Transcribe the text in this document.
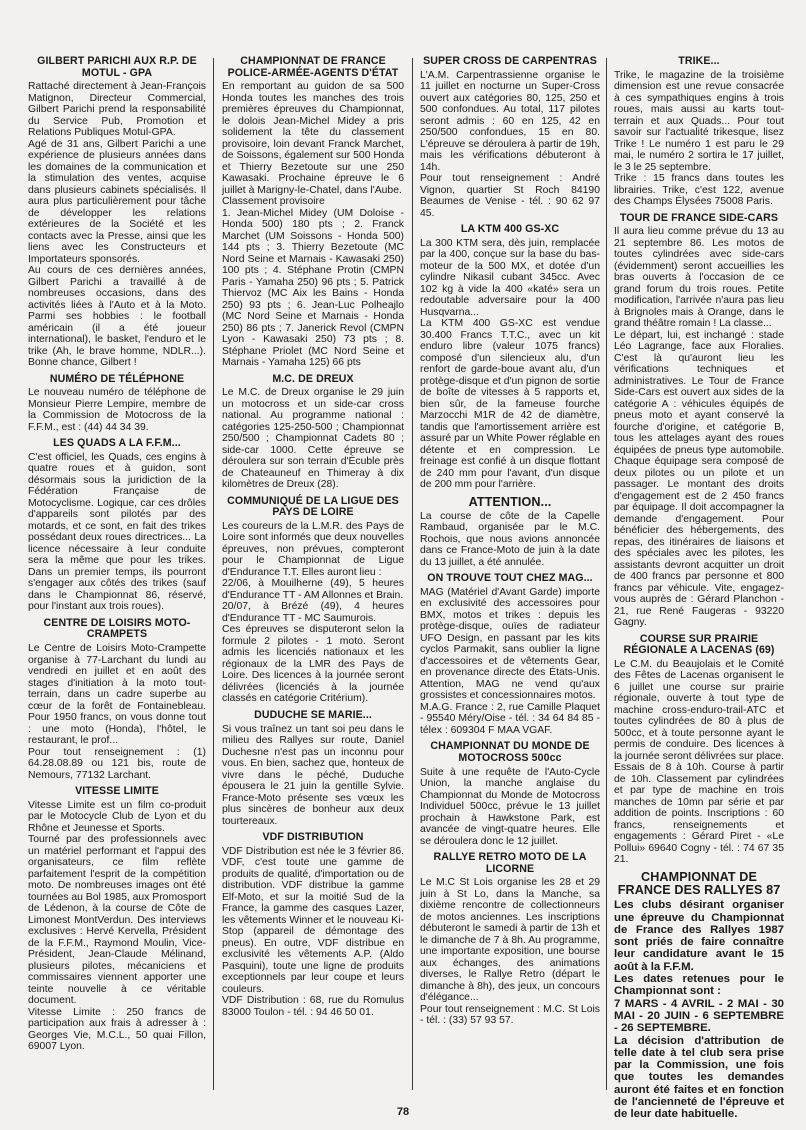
GILBERT PARICHI AUX R.P. DE MOTUL - GPA

Rattaché directement à Jean-François Matignon, Directeur Commercial, Gilbert Parichi prend la responsabilité du Service Pub, Promotion et Relations Publiques Motul-GPA.
Agé de 31 ans, Gilbert Parichi a une expérience de plusieurs années dans les domaines de la communication et la stimulation des ventes, acquise dans plusieurs cabinets spécialisés. Il aura plus particulièrement pour tâche de développer les relations extérieures de la Société et les contacts avec la Presse, ainsi que les liens avec les Constructeurs et Importateurs sponsorés.
Au cours de ces dernières années, Gilbert Parichi a travaillé à de nombreuses occasions, dans des activités liées à l'Auto et à la Moto. Parmi ses hobbies : le football américain (il a été joueur international), le basket, l'enduro et le trike (Ah, le brave homme, NDLR...). Bonne chance, Gilbert !

NUMÉRO DE TÉLÉPHONE

Le nouveau numéro de téléphone de Monsieur Pierre Lempire, membre de la Commission de Motocross de la F.F.M., est : (44) 44 34 39.

LES QUADS A LA F.F.M...

C'est officiel, les Quads, ces engins à quatre roues et à guidon, sont désormais sous la juridiction de la Fédération Française de Motocyclisme. Logique, car ces drôles d'appareils sont pilotés par des motards, et ce sont, en fait des trikes possédant deux roues directrices... La licence nécessaire à leur conduite sera la même que pour les trikes. Dans un premier temps, ils pourront s'engager aux côtés des trikes (sauf dans le Championnat 86, réservé, pour l'instant aux trois roues).

CENTRE DE LOISIRS MOTO-CRAMPETS

Le Centre de Loisirs Moto-Crampette organise à 77-Larchant du lundi au vendredi en juillet et en août des stages d'initiation à la moto tout-terrain, dans un cadre superbe au cœur de la forêt de Fontainebleau. Pour 1950 francs, on vous donne tout : une moto (Honda), l'hôtel, le restaurant, le prof...
Pour tout renseignement : (1) 64.28.08.89 ou 121 bis, route de Nemours, 77132 Larchant.

VITESSE LIMITE

Vitesse Limite est un film co-produit par le Motocycle Club de Lyon et du Rhône et Jeunesse et Sports.
Tourné par des professionnels avec un matériel performant et l'appui des organisateurs, ce film reflète parfaitement l'esprit de la compétition moto. De nombreuses images ont été tournées au Bol 1985, aux Promosport de Lédenon, à la course de Côte de Limonest MontVerdun. Des interviews exclusives : Hervé Kervella, Président de la F.F.M., Raymond Moulin, Vice-Président, Jean-Claude Mélinand, plusieurs pilotes, mécaniciens et commissaires viennent apporter une teinte nouvelle à ce véritable document.
Vitesse Limite : 250 francs de participation aux frais à adresser à : Georges Vie, M.C.L., 50 quai Fillon, 69007 Lyon.

CHAMPIONNAT DE FRANCE POLICE-ARMÉE-AGENTS D'ÉTAT

En remportant au guidon de sa 500 Honda toutes les manches des trois premières épreuves du Championnat, le dolois Jean-Michel Midey a pris solidement la tête du classement provisoire, loin devant Franck Marchet, de Soissons, également sur 500 Honda et Thierry Bezetoute sur une 250 Kawasaki. Prochaine épreuve le 6 juillet à Marigny-le-Chatel, dans l'Aube.
Classement provisoire
1. Jean-Michel Midey (UM Doloise - Honda 500) 180 pts ; 2. Franck Marchet (UM Soissons - Honda 500) 144 pts ; 3. Thierry Bezetoute (MC Nord Seine et Marnais - Kawasaki 250) 100 pts ; 4. Stéphane Protin (CMPN Paris - Yamaha 250) 96 pts ; 5. Patrick Thiervoz (MC Aix les Bains - Honda 250) 93 pts ; 6. Jean-Luc Polheajlo (MC Nord Seine et Marnais - Honda 250) 86 pts ; 7. Janerick Revol (CMPN Lyon - Kawasaki 250) 73 pts ; 8. Stéphane Priolet (MC Nord Seine et Marnais - Yamaha 125) 66 pts

M.C. DE DREUX

Le M.C. de Dreux organise le 29 juin un motocross et un side-car cross national. Au programme national : catégories 125-250-500 ; Championnat 250/500 ; Championnat Cadets 80 ; side-car 1000. Cette épreuve se déroulera sur son terrain d'Écuble près de Chateauneuf en Thimeray à dix kilomètres de Dreux (28).

COMMUNIQUÉ DE LA LIGUE DES PAYS DE LOIRE

Les coureurs de la L.M.R. des Pays de Loire sont informés que deux nouvelles épreuves, non prévues, compteront pour le Championnat de Ligue d'Endurance T.T. Elles auront lieu :
22/06, à Mouilherne (49), 5 heures d'Endurance TT - AM Allonnes et Brain.
20/07, à Brézé (49), 4 heures d'Endurance TT - MC Saumurois.
Ces épreuves se disputeront selon la formule 2 pilotes - 1 moto. Seront admis les licenciés nationaux et les régionaux de la LMR des Pays de Loire. Des licences à la journée seront délivrées (licenciés à la journée classés en catégorie Critérium).

DUDUCHE SE MARIE...

Si vous traînez un tant soi peu dans le milieu des Rallyes sur route, Daniel Duchesne n'est pas un inconnu pour vous. En bien, sachez que, honteux de vivre dans le péché, Duduche épousera le 21 juin la gentille Sylvie. France-Moto présente ses vœux les plus sincères de bonheur aux deux tourtereaux.

VDF DISTRIBUTION

VDF Distribution est née le 3 février 86. VDF, c'est toute une gamme de produits de qualité, d'importation ou de distribution. VDF distribue la gamme Elf-Moto, et sur la moitié Sud de la France, la gamme des casques Lazer, les vêtements Winner et le nouveau Ki-Stop (appareil de démontage des pneus). En outre, VDF distribue en exclusivité les vêtements A.P. (Aldo Pasquini), toute une ligne de produits exceptionnels par leur coupe et leurs couleurs.
VDF Distribution : 68, rue du Romulus 83000 Toulon - tél. : 94 46 50 01.

SUPER CROSS DE CARPENTRAS

L'A.M. Carpentrassienne organise le 11 juillet en nocturne un Super-Cross ouvert aux catégories 80, 125, 250 et 500 confondues. Au total, 117 pilotes seront admis : 60 en 125, 42 en 250/500 confondues, 15 en 80. L'épreuve se déroulera à partir de 19h, mais les vérifications débuteront à 14h.
Pour tout renseignement : André Vignon, quartier St Roch 84190 Beaumes de Venise - tél. : 90 62 97 45.

LA KTM 400 GS-XC

La 300 KTM sera, dès juin, remplacée par la 400, conçue sur la base du bas-moteur de la 500 MX, et dotée d'un cylindre Nikasil cubant 345cc. Avec 102 kg à vide la 400 «katé» sera un redoutable adversaire pour la 400 Husqvarna...
La KTM 400 GS-XC est vendue 30.400 Francs T.T.C., avec un kit enduro libre (valeur 1075 francs) composé d'un silencieux alu, d'un renfort de garde-boue avant alu, d'un protège-disque et d'un pignon de sortie de boîte de vitesses à 5 rapports et, bien sûr, de la fameuse fourche Marzocchi M1R de 42 de diamètre, tandis que l'amortissement arrière est assuré par un White Power réglable en détente et en compression. Le freinage est confié à un disque flottant de 240 mm pour l'avant, d'un disque de 200 mm pour l'arrière.

ATTENTION...

La course de côte de la Capelle Rambaud, organisée par le M.C. Rochois, que nous avions annoncée dans ce France-Moto de juin à la date du 13 juillet, a été annulée.

ON TROUVE TOUT CHEZ MAG...

MAG (Matériel d'Avant Garde) importe en exclusivité des accessoires pour BMX, motos et trikes : depuis les protège-disque, ouïes de radiateur UFO Design, en passant par les kits cyclos Parmakit, sans oublier la ligne d'accessoires et de vêtements Gear, en provenance directe des États-Unis. Attention, MAG ne vend qu'aux grossistes et concessionnaires motos.
M.A.G. France : 2, rue Camille Plaquet - 95540 Méry/Oise - tél. : 34 64 84 85 - télex : 609304 F MAA VGAF.

CHAMPIONNAT DU MONDE DE MOTOCROSS 500cc

Suite à une requête de l'Auto-Cycle Union, la manche anglaise du Championnat du Monde de Motocross Individuel 500cc, prévue le 13 juillet prochain à Hawkstone Park, est avancée de vingt-quatre heures. Elle se déroulera donc le 12 juillet.

RALLYE RETRO MOTO DE LA LICORNE

Le M.C St Lois organise les 28 et 29 juin à St Lo, dans la Manche, sa dixième rencontre de collectionneurs de motos anciennes. Les inscriptions débuteront le samedi à partir de 13h et le dimanche de 7 à 8h. Au programme, une importante exposition, une bourse aux échanges, des animations diverses, le Rallye Retro (départ le dimanche à 8h), des jeux, un concours d'élégance...
Pour tout renseignement : M.C. St Lois - tél. : (33) 57 93 57.

TRIKE...

Trike, le magazine de la troisième dimension est une revue consacrée à ces sympathiques engins à trois roues, mais aussi au karts tout-terrain et aux Quads... Pour tout savoir sur l'actualité trikesque, lisez Trike ! Le numéro 1 est paru le 29 mai, le numéro 2 sortira le 17 juillet, le 3 le 25 septembre.
Trike : 15 francs dans toutes les librairies. Trike, c'est 122, avenue des Champs Élysées 75008 Paris.

TOUR DE FRANCE SIDE-CARS

Il aura lieu comme prévue du 13 au 21 septembre 86. Les motos de toutes cylindrées avec side-cars (évidemment) seront accueillies les bras ouverts à l'occasion de ce grand forum du trois roues. Petite modification, l'arrivée n'aura pas lieu à Brignoles mais à Orange, dans le grand théâtre romain ! La classe...
Le départ, lui, est inchangé : stade Léo Lagrange, face aux Floralies. C'est là qu'auront lieu les vérifications techniques et administratives. Le Tour de France Side-Cars est ouvert aux sides de la catégorie A : véhicules équipés de pneus moto et ayant conservé la fourche d'origine, et catégorie B, tous les attelages ayant des roues équipées de pneus type automobile. Chaque équipage sera composé de deux pilotes ou un pilote et un passager. Le montant des droits d'engagement est de 2 450 francs par équipage. Il doit accompagner la demande d'engagement. Pour bénéficier des hébergements, des repas, des itinéraires de liaisons et des spéciales avec les pilotes, les assistants devront acquitter un droit de 400 francs par personne et 800 francs par véhicule. Vite, engagez-vous auprès de : Gérard Planchon - 21, rue René Faugeras - 93220 Gagny.

COURSE SUR PRAIRIE RÉGIONALE A LACENAS (69)

Le C.M. du Beaujolais et le Comité des Fêtes de Lacenas organisent le 6 juillet une course sur prairie régionale, ouverte à tout type de machine cross-enduro-trail-ATC et toutes cylindrées de 80 à plus de 500cc, et à toute personne ayant le permis de conduire. Des licences à la journée seront délivrées sur place. Essais de 8 à 10h. Course à partir de 10h. Classement par cylindrées et par type de machine en trois manches de 10mn par série et par addition de points. Inscriptions : 60 francs, renseignements et engagements : Gérard Piret - «Le Pollui» 69640 Cogny - tél. : 74 67 35 21.

CHAMPIONNAT DE FRANCE DES RALLYES 87

Les clubs désirant organiser une épreuve du Championnat de France des Rallyes 1987 sont priés de faire connaître leur candidature avant le 15 août à la F.F.M.
Les dates retenues pour le Championnat sont :
7 MARS - 4 AVRIL - 2 MAI - 30 MAI - 20 JUIN - 6 SEPTEMBRE - 26 SEPTEMBRE.
La décision d'attribution de telle date à tel club sera prise par la Commission, une fois que toutes les demandes auront été faites et en fonction de l'ancienneté de l'épreuve et de leur date habituelle.

78
